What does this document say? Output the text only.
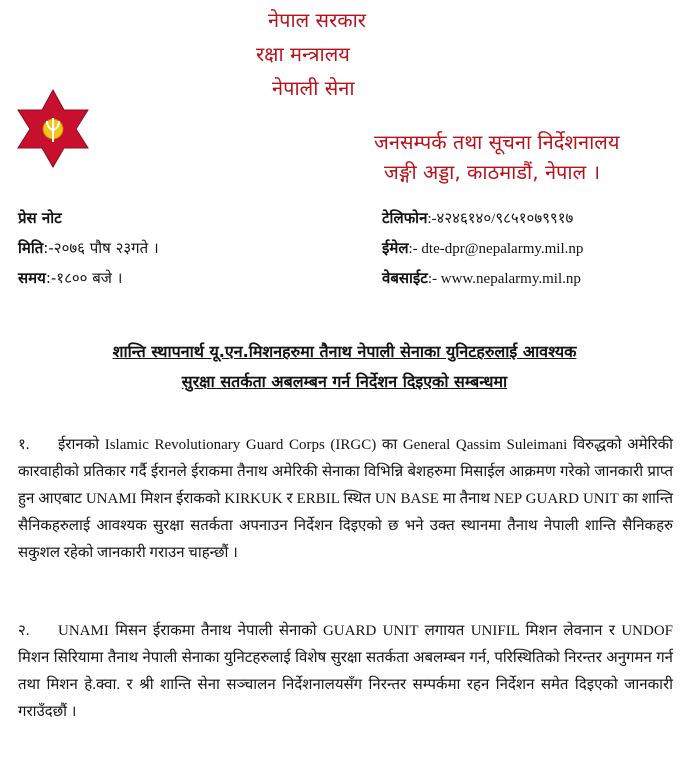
नेपाल सरकार
रक्षा मन्त्रालय
नेपाली सेना
जनसम्पर्क तथा सूचना निर्देशनालय
जङ्गी अड्डा, काठमाडौं, नेपाल ।
प्रेस नोट
मिति:-२०७६ पौष २३गते ।
समय:-१८०० बजे ।
टेलिफोन:-४२४६१४०/९८५१०७९९१७
ईमेल:- dte-dpr@nepalarmy.mil.np
वेबसाईट:- www.nepalarmy.mil.np
शान्ति स्थापनार्थ यू.एन.मिशनहरुमा तैनाथ नेपाली सेनाका युनिटहरुलाई आवश्यक
सुरक्षा सतर्कता अबलम्बन गर्न निर्देशन दिइएको सम्बन्धमा
१. ईरानको Islamic Revolutionary Guard Corps (IRGC) का General Qassim Suleimani विरुद्धको अमेरिकी कारवाहीको प्रतिकार गर्दै ईरानले ईराकमा तैनाथ अमेरिकी सेनाका विभिन्नि बेशहरुमा मिसाईल आक्रमण गरेको जानकारी प्राप्त हुन आएबाट UNAMI मिशन ईराकको KIRKUK र ERBIL स्थित UN BASE मा तैनाथ NEP GUARD UNIT का शान्ति सैनिकहरुलाई आवश्यक सुरक्षा सतर्कता अपनाउन निर्देशन दिइएको छ भने उक्त स्थानमा तैनाथ नेपाली शान्ति सैनिकहरु सकुशल रहेको जानकारी गराउन चाहन्छौं ।
२. UNAMI मिसन ईराकमा तैनाथ नेपाली सेनाको GUARD UNIT लगायत UNIFIL मिशन लेवनान र UNDOF मिशन सिरियामा तैनाथ नेपाली सेनाका युनिटहरुलाई विशेष सुरक्षा सतर्कता अबलम्बन गर्न, परिस्थितिको निरन्तर अनुगमन गर्न तथा मिशन हे.क्वा. र श्री शान्ति सेना सञ्चालन निर्देशनालयसँग निरन्तर सम्पर्कमा रहन निर्देशन समेत दिइएको जानकारी गराउँदछौं ।
